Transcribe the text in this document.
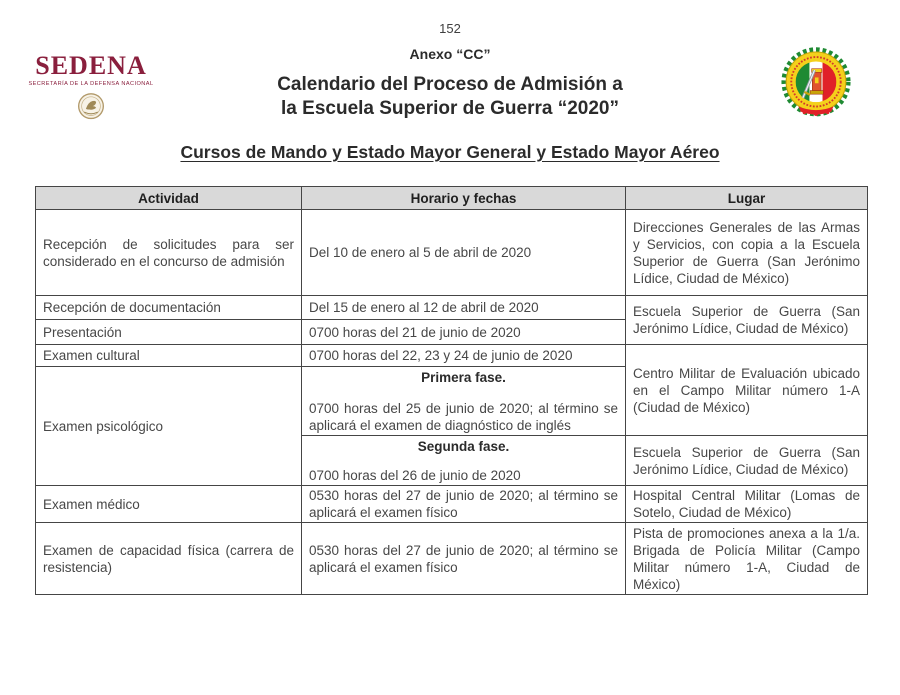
152
Anexo “CC”
SEDENA
SECRETARÍA DE LA DEFENSA NACIONAL	Calendario del Proceso de Admisión a
la Escuela Superior de Guerra “2020”
Cursos de Mando y Estado Mayor General y Estado Mayor Aéreo
Actividad	Horario y fechas	Lugar
Recepción de solicitudes para ser considerado en el concurso de admisión	Del 10 de enero al 5 de abril de 2020	Direcciones Generales de las Armas y Servicios, con copia a la Escuela Superior de Guerra (San Jerónimo Lídice, Ciudad de México)
Recepción de documentación	Del 15 de enero al 12 de abril de 2020	Escuela Superior de Guerra (San Jerónimo Lídice, Ciudad de México)
Presentación	0700 horas del 21 de junio de 2020	
Examen cultural	0700 horas del 22, 23 y 24 de junio de 2020	Centro Militar de Evaluación ubicado en el Campo Militar número 1-A (Ciudad de México)
Examen psicológico	Primera fase.
0700 horas del 25 de junio de 2020; al término se aplicará el examen de diagnóstico de inglés	

	Segunda fase.
0700 horas del 26 de junio de 2020	Escuela Superior de Guerra (San Jerónimo Lídice, Ciudad de México)
Examen médico	0530 horas del 27 de junio de 2020; al término se aplicará el examen físico	Hospital Central Militar (Lomas de Sotelo, Ciudad de México)
Examen de capacidad física (carrera de resistencia)	0530 horas del 27 de junio de 2020; al término se aplicará el examen físico	Pista de promociones anexa a la 1/a. Brigada de Policía Militar (Campo Militar número 1-A, Ciudad de México)
